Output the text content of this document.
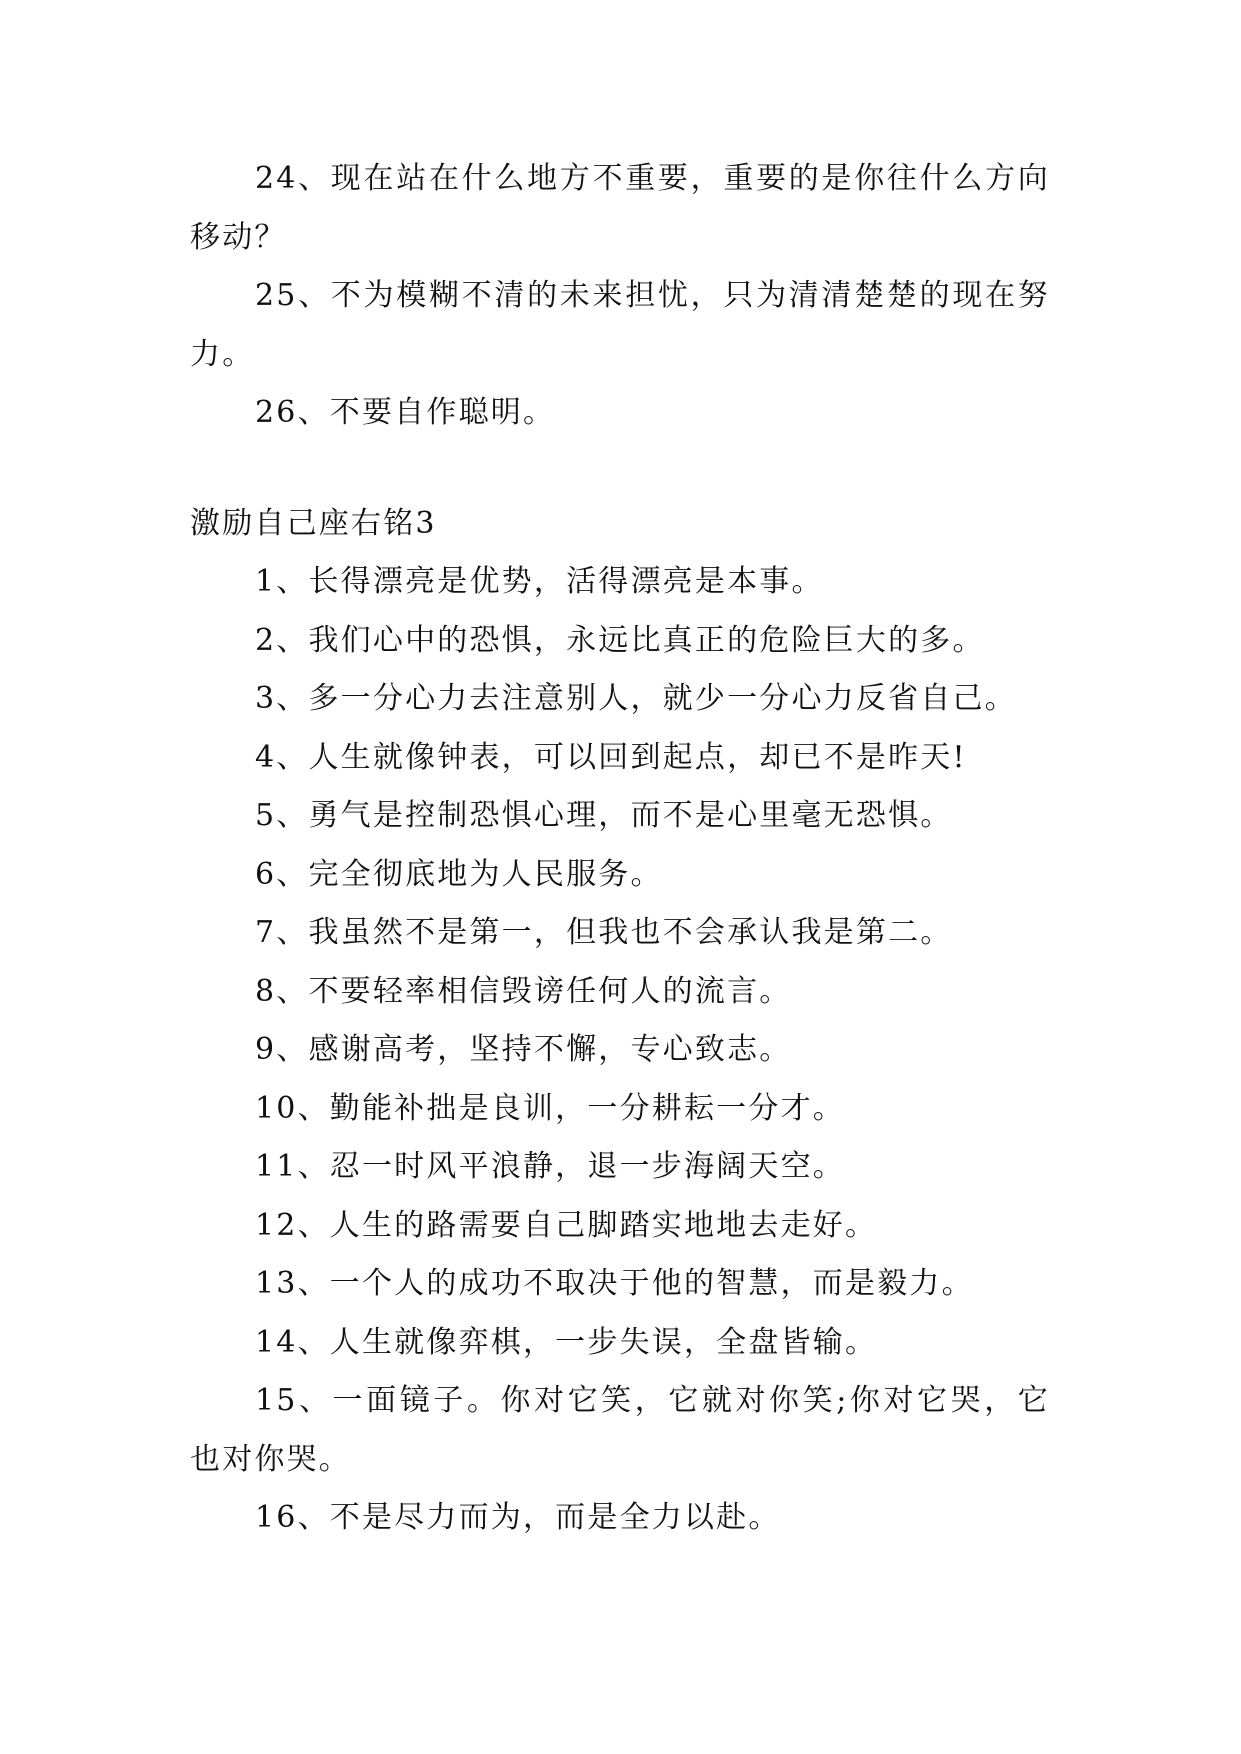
24、现在站在什么地方不重要，重要的是你往什么方向移动？

25、不为模糊不清的未来担忧，只为清清楚楚的现在努力。

26、不要自作聪明。

激励自己座右铭3

1、长得漂亮是优势，活得漂亮是本事。

2、我们心中的恐惧，永远比真正的危险巨大的多。

3、多一分心力去注意别人，就少一分心力反省自己。

4、人生就像钟表，可以回到起点，却已不是昨天!

5、勇气是控制恐惧心理，而不是心里毫无恐惧。

6、完全彻底地为人民服务。

7、我虽然不是第一，但我也不会承认我是第二。

8、不要轻率相信毁谤任何人的流言。

9、感谢高考，坚持不懈，专心致志。

10、勤能补拙是良训，一分耕耘一分才。

11、忍一时风平浪静，退一步海阔天空。

12、人生的路需要自己脚踏实地地去走好。

13、一个人的成功不取决于他的智慧，而是毅力。

14、人生就像弈棋，一步失误，全盘皆输。

15、一面镜子。你对它笑，它就对你笑;你对它哭，它也对你哭。

16、不是尽力而为，而是全力以赴。
